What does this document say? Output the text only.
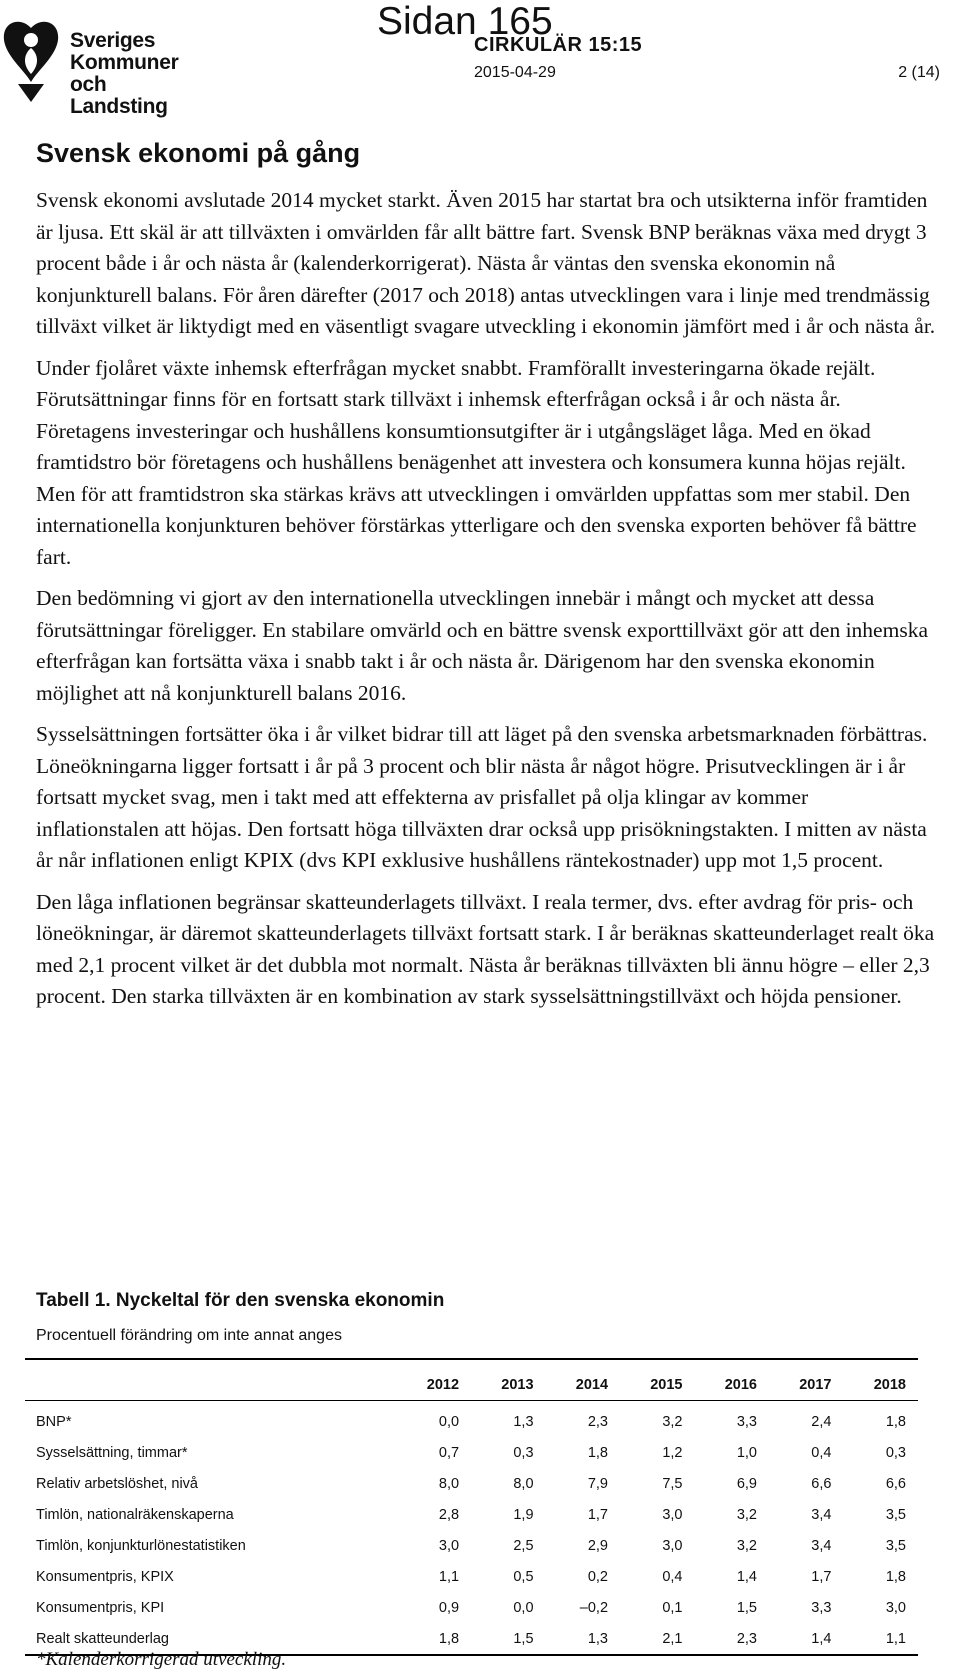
Sveriges
Kommuner
och Landsting
Sidan 165
CIRKULÄR 15:15
2015-04-29	2 (14)
Svensk ekonomi på gång

Svensk ekonomi avslutade 2014 mycket starkt. Även 2015 har startat bra och utsikterna inför framtiden är ljusa. Ett skäl är att tillväxten i omvärlden får allt bättre fart. Svensk BNP beräknas växa med drygt 3 procent både i år och nästa år (kalenderkorrigerat). Nästa år väntas den svenska ekonomin nå konjunkturell balans. För åren därefter (2017 och 2018) antas utvecklingen vara i linje med trendmässig tillväxt vilket är liktydigt med en väsentligt svagare utveckling i ekonomin jämfört med i år och nästa år.

Under fjolåret växte inhemsk efterfrågan mycket snabbt. Framförallt investeringarna ökade rejält. Förutsättningar finns för en fortsatt stark tillväxt i inhemsk efterfrågan också i år och nästa år. Företagens investeringar och hushållens konsumtionsutgifter är i utgångsläget låga. Med en ökad framtidstro bör företagens och hushållens benägenhet att investera och konsumera kunna höjas rejält. Men för att framtidstron ska stärkas krävs att utvecklingen i omvärlden uppfattas som mer stabil. Den internationella konjunkturen behöver förstärkas ytterligare och den svenska exporten behöver få bättre fart.

Den bedömning vi gjort av den internationella utvecklingen innebär i mångt och mycket att dessa förutsättningar föreligger. En stabilare omvärld och en bättre svensk exporttillväxt gör att den inhemska efterfrågan kan fortsätta växa i snabb takt i år och nästa år. Därigenom har den svenska ekonomin möjlighet att nå konjunkturell balans 2016.

Sysselsättningen fortsätter öka i år vilket bidrar till att läget på den svenska arbetsmarknaden förbättras. Löneökningarna ligger fortsatt i år på 3 procent och blir nästa år något högre. Prisutvecklingen är i år fortsatt mycket svag, men i takt med att effekterna av prisfallet på olja klingar av kommer inflationstalen att höjas. Den fortsatt höga tillväxten drar också upp prisökningstakten. I mitten av nästa år når inflationen enligt KPIX (dvs KPI exklusive hushållens räntekostnader) upp mot 1,5 procent.

Den låga inflationen begränsar skatteunderlagets tillväxt. I reala termer, dvs. efter avdrag för pris- och löneökningar, är däremot skatteunderlagets tillväxt fortsatt stark. I år beräknas skatteunderlaget realt öka med 2,1 procent vilket är det dubbla mot normalt. Nästa år beräknas tillväxten bli ännu högre – eller 2,3 procent. Den starka tillväxten är en kombination av stark sysselsättningstillväxt och höjda pensioner.

Tabell 1. Nyckeltal för den svenska ekonomin
Procentuell förändring om inte annat anges
	2012	2013	2014	2015	2016	2017	2018
BNP*	0,0	1,3	2,3	3,2	3,3	2,4	1,8
Sysselsättning, timmar*	0,7	0,3	1,8	1,2	1,0	0,4	0,3
Relativ arbetslöshet, nivå	8,0	8,0	7,9	7,5	6,9	6,6	6,6
Timlön, nationalräkenskaperna	2,8	1,9	1,7	3,0	3,2	3,4	3,5
Timlön, konjunkturlönestatistiken	3,0	2,5	2,9	3,0	3,2	3,4	3,5
Konsumentpris, KPIX	1,1	0,5	0,2	0,4	1,4	1,7	1,8
Konsumentpris, KPI	0,9	0,0	–0,2	0,1	1,5	3,3	3,0
Realt skatteunderlag	1,8	1,5	1,3	2,1	2,3	1,4	1,1
*Kalenderkorrigerad utveckling.
